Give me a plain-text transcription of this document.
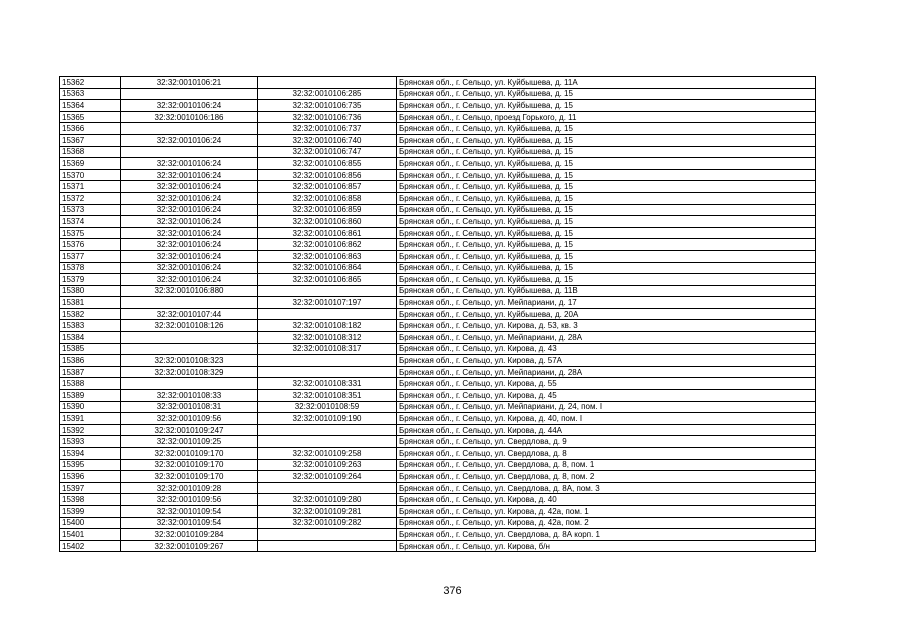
15362	32:32:0010106:21		Брянская обл., г. Сельцо, ул. Куйбышева, д. 11А
15363		32:32:0010106:285	Брянская обл., г. Сельцо, ул. Куйбышева, д. 15
15364	32:32:0010106:24	32:32:0010106:735	Брянская обл., г. Сельцо, ул. Куйбышева, д. 15
15365	32:32:0010106:186	32:32:0010106:736	Брянская обл., г. Сельцо, проезд Горького, д. 11
15366		32:32:0010106:737	Брянская обл., г. Сельцо, ул. Куйбышева, д. 15
15367	32:32:0010106:24	32:32:0010106:740	Брянская обл., г. Сельцо, ул. Куйбышева, д. 15
15368		32:32:0010106:747	Брянская обл., г. Сельцо, ул. Куйбышева, д. 15
15369	32:32:0010106:24	32:32:0010106:855	Брянская обл., г. Сельцо, ул. Куйбышева, д. 15
15370	32:32:0010106:24	32:32:0010106:856	Брянская обл., г. Сельцо, ул. Куйбышева, д. 15
15371	32:32:0010106:24	32:32:0010106:857	Брянская обл., г. Сельцо, ул. Куйбышева, д. 15
15372	32:32:0010106:24	32:32:0010106:858	Брянская обл., г. Сельцо, ул. Куйбышева, д. 15
15373	32:32:0010106:24	32:32:0010106:859	Брянская обл., г. Сельцо, ул. Куйбышева, д. 15
15374	32:32:0010106:24	32:32:0010106:860	Брянская обл., г. Сельцо, ул. Куйбышева, д. 15
15375	32:32:0010106:24	32:32:0010106:861	Брянская обл., г. Сельцо, ул. Куйбышева, д. 15
15376	32:32:0010106:24	32:32:0010106:862	Брянская обл., г. Сельцо, ул. Куйбышева, д. 15
15377	32:32:0010106:24	32:32:0010106:863	Брянская обл., г. Сельцо, ул. Куйбышева, д. 15
15378	32:32:0010106:24	32:32:0010106:864	Брянская обл., г. Сельцо, ул. Куйбышева, д. 15
15379	32:32:0010106:24	32:32:0010106:865	Брянская обл., г. Сельцо, ул. Куйбышева, д. 15
15380	32:32:0010106:880		Брянская обл., г. Сельцо, ул. Куйбышева, д. 11В
15381		32:32:0010107:197	Брянская обл., г. Сельцо, ул. Мейпариани, д. 17
15382	32:32:0010107:44		Брянская обл., г. Сельцо, ул. Куйбышева, д. 20А
15383	32:32:0010108:126	32:32:0010108:182	Брянская обл., г. Сельцо, ул. Кирова, д. 53, кв. 3
15384		32:32:0010108:312	Брянская обл., г. Сельцо, ул. Мейпариани, д. 28А
15385		32:32:0010108:317	Брянская обл., г. Сельцо, ул. Кирова, д. 43
15386	32:32:0010108:323		Брянская обл., г. Сельцо, ул. Кирова, д. 57А
15387	32:32:0010108:329		Брянская обл., г. Сельцо, ул. Мейпариани, д. 28А
15388		32:32:0010108:331	Брянская обл., г. Сельцо, ул. Кирова, д. 55
15389	32:32:0010108:33	32:32:0010108:351	Брянская обл., г. Сельцо, ул. Кирова, д. 45
15390	32:32:0010108:31	32:32:0010108:59	Брянская обл., г. Сельцо, ул. Мейпариани, д. 24, пом. I
15391	32:32:0010109:56	32:32:0010109:190	Брянская обл., г. Сельцо, ул. Кирова, д. 40, пом. I
15392	32:32:0010109:247		Брянская обл., г. Сельцо, ул. Кирова, д. 44А
15393	32:32:0010109:25		Брянская обл., г. Сельцо, ул. Свердлова, д. 9
15394	32:32:0010109:170	32:32:0010109:258	Брянская обл., г. Сельцо, ул. Свердлова, д. 8
15395	32:32:0010109:170	32:32:0010109:263	Брянская обл., г. Сельцо, ул. Свердлова, д. 8, пом. 1
15396	32:32:0010109:170	32:32:0010109:264	Брянская обл., г. Сельцо, ул. Свердлова, д. 8, пом. 2
15397	32:32:0010109:28		Брянская обл., г. Сельцо, ул. Свердлова, д. 8А, пом. 3
15398	32:32:0010109:56	32:32:0010109:280	Брянская обл., г. Сельцо, ул. Кирова, д. 40
15399	32:32:0010109:54	32:32:0010109:281	Брянская обл., г. Сельцо, ул. Кирова, д. 42а, пом. 1
15400	32:32:0010109:54	32:32:0010109:282	Брянская обл., г. Сельцо, ул. Кирова, д. 42а, пом. 2
15401	32:32:0010109:284		Брянская обл., г. Сельцо, ул. Свердлова, д. 8А корп. 1
15402	32:32:0010109:267		Брянская обл., г. Сельцо, ул. Кирова, б/н
376
